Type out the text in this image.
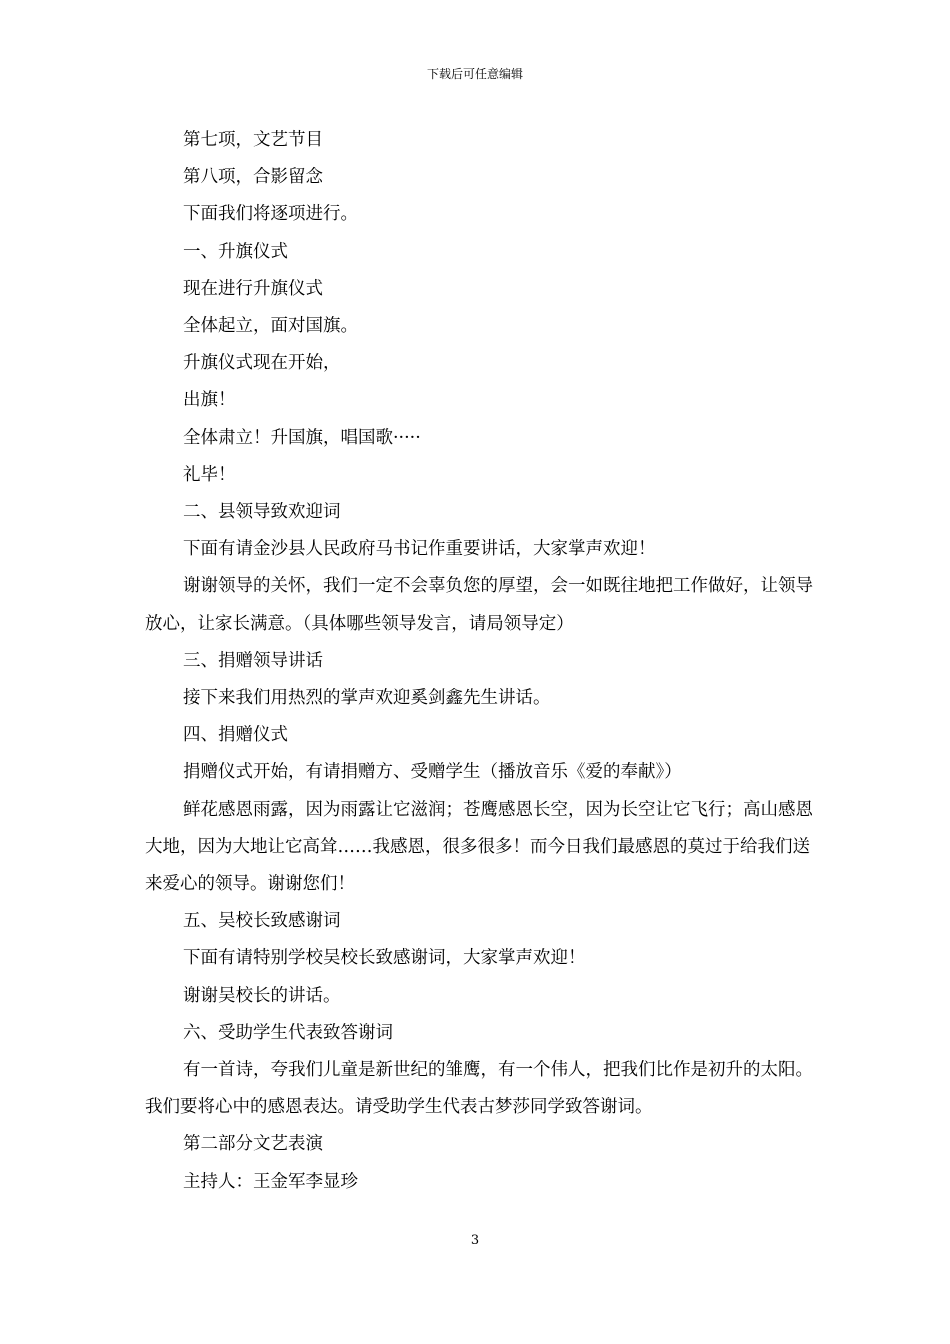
下载后可任意编辑

第七项，文艺节目

第八项，合影留念

下面我们将逐项进行。

一、升旗仪式

现在进行升旗仪式

全体起立，面对国旗。

升旗仪式现在开始，

出旗！

全体肃立！升国旗，唱国歌·····

礼毕！

二、县领导致欢迎词

下面有请金沙县人民政府马书记作重要讲话，大家掌声欢迎！

谢谢领导的关怀，我们一定不会辜负您的厚望，会一如既往地把工作做好，让领导放心，让家长满意。（具体哪些领导发言，请局领导定）

三、捐赠领导讲话

接下来我们用热烈的掌声欢迎奚剑鑫先生讲话。

四、捐赠仪式

捐赠仪式开始，有请捐赠方、受赠学生（播放音乐《爱的奉献》）

鲜花感恩雨露，因为雨露让它滋润；苍鹰感恩长空，因为长空让它飞行；高山感恩大地，因为大地让它高耸……我感恩，很多很多！而今日我们最感恩的莫过于给我们送来爱心的领导。谢谢您们！

五、吴校长致感谢词

下面有请特别学校吴校长致感谢词，大家掌声欢迎！

谢谢吴校长的讲话。

六、受助学生代表致答谢词

有一首诗，夸我们儿童是新世纪的雏鹰，有一个伟人，把我们比作是初升的太阳。我们要将心中的感恩表达。请受助学生代表古梦莎同学致答谢词。

第二部分文艺表演

主持人：王金军李显珍

3
